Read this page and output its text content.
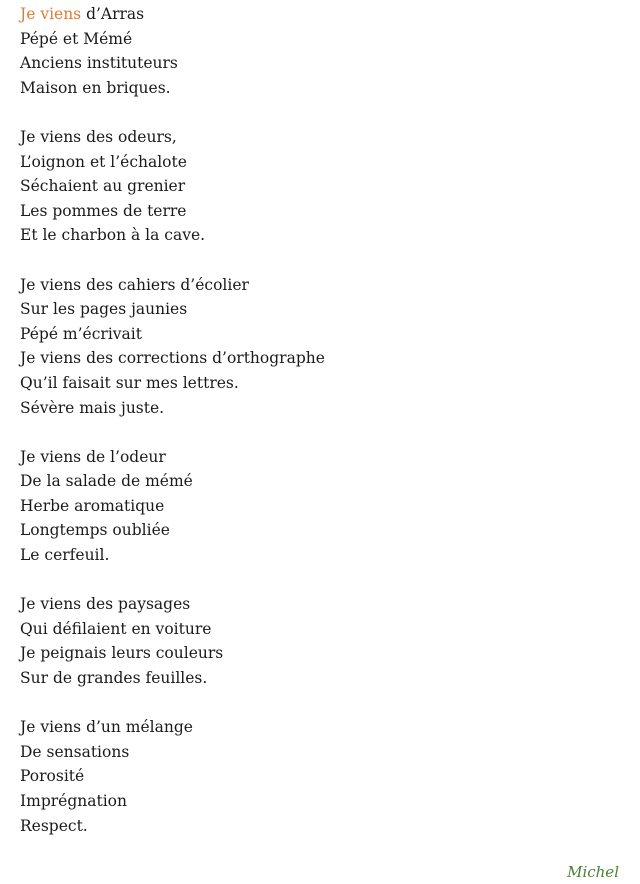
Je viens d’Arras
Pépé et Mémé
Anciens instituteurs
Maison en briques.
Je viens des odeurs,
L’oignon et l’échalote
Séchaient au grenier
Les pommes de terre
Et le charbon à la cave.
Je viens des cahiers d’écolier
Sur les pages jaunies
Pépé m’écrivait
Je viens des corrections d’orthographe
Qu’il faisait sur mes lettres.
Sévère mais juste.
Je viens de l’odeur
De la salade de mémé
Herbe aromatique
Longtemps oubliée
Le cerfeuil.
Je viens des paysages
Qui défilaient en voiture
Je peignais leurs couleurs
Sur de grandes feuilles.
Je viens d’un mélange
De sensations
Porosité
Imprégnation
Respect.
Michel
